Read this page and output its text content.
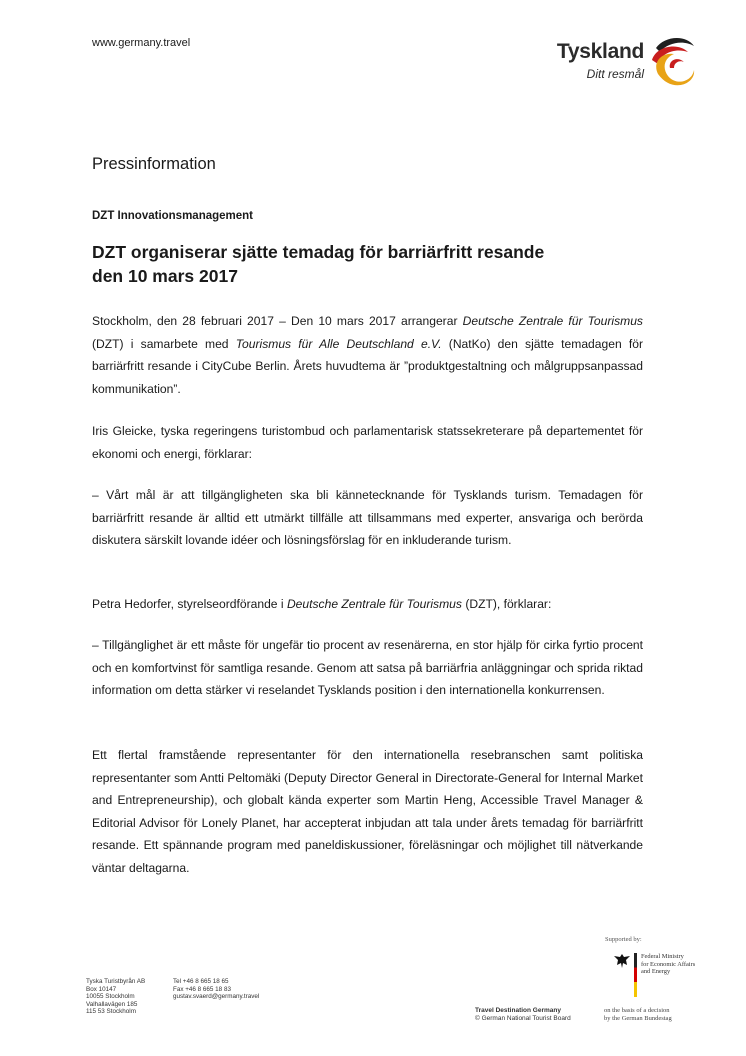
www.germany.travel	Tyskland
Ditt resmål
Pressinformation
DZT Innovationsmanagement
DZT organiserar sjätte temadag för barriärfritt resande
den 10 mars 2017
Stockholm, den 28 februari 2017 – Den 10 mars 2017 arrangerar Deutsche Zentrale für Tourismus (DZT) i samarbete med Tourismus für Alle Deutschland e.V. (NatKo) den sjätte temadagen för barriärfritt resande i CityCube Berlin. Årets huvudtema är ”produktgestaltning och målgruppsanpassad kommunikation”.
Iris Gleicke, tyska regeringens turistombud och parlamentarisk statssekreterare på departementet för ekonomi och energi, förklarar:
– Vårt mål är att tillgängligheten ska bli kännetecknande för Tysklands turism. Temadagen för barriärfritt resande är alltid ett utmärkt tillfälle att tillsammans med experter, ansvariga och berörda diskutera särskilt lovande idéer och lösningsförslag för en inkluderande turism.
Petra Hedorfer, styrelseordförande i Deutsche Zentrale für Tourismus (DZT), förklarar:
– Tillgänglighet är ett måste för ungefär tio procent av resenärerna, en stor hjälp för cirka fyrtio procent och en komfortvinst för samtliga resande. Genom att satsa på barriärfria anläggningar och sprida riktad information om detta stärker vi reselandet Tysklands position i den internationella konkurrensen.
Ett flertal framstående representanter för den internationella resebranschen samt politiska representanter som Antti Peltomäki (Deputy Director General in Directorate-General for Internal Market and Entrepreneurship), och globalt kända experter som Martin Heng, Accessible Travel Manager & Editorial Advisor för Lonely Planet, har accepterat inbjudan att tala under årets temadag för barriärfritt resande. Ett spännande program med paneldiskussioner, föreläsningar och möjlighet till nätverkande väntar deltagarna.
Tyska Turistbyrån AB
Box 10147
10055 Stockholm
Valhallavägen 185
115 53 Stockholm
Tel +46 8 665 18 65
Fax +46 8 665 18 83
gustav.svaerd@germany.travel
Travel Destination Germany
© German National Tourist Board
Supported by:
Federal Ministry
for Economic Affairs
and Energy
on the basis of a decision
by the German Bundestag
